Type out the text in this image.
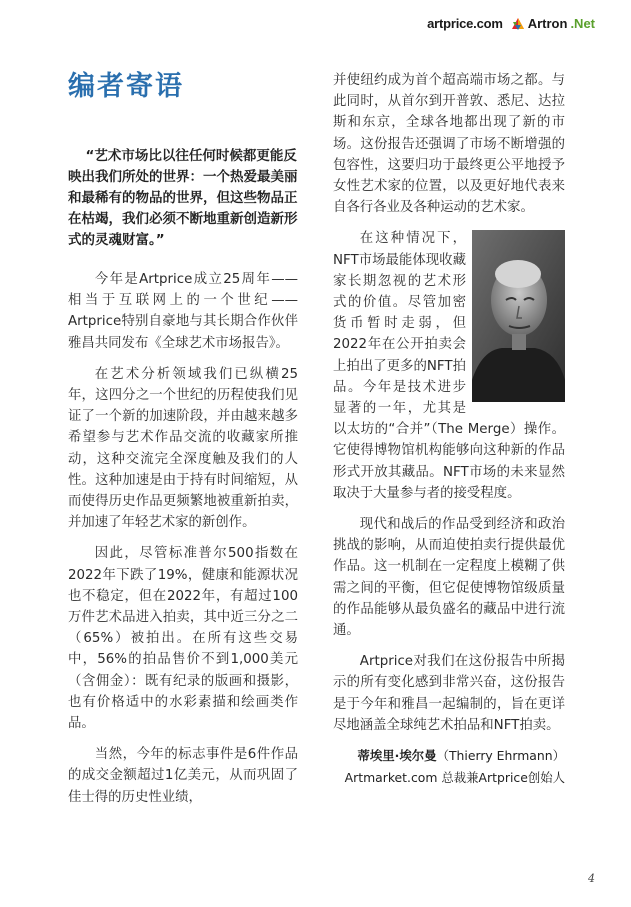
artprice.com Artron .Net
编者寄语

“艺术市场比以往任何时候都更能反映出我们所处的世界：一个热爱最美丽和最稀有的物品的世界，但这些物品正在枯竭，我们必须不断地重新创造新形式的灵魂财富。”

今年是Artprice成立25周年——相当于互联网上的一个世纪——Artprice特别自豪地与其长期合作伙伴雅昌共同发布《全球艺术市场报告》。

在艺术分析领域我们已纵横25年，这四分之一个世纪的历程使我们见证了一个新的加速阶段，并由越来越多希望参与艺术作品交流的收藏家所推动，这种交流完全深度触及我们的人性。这种加速是由于持有时间缩短，从而使得历史作品更频繁地被重新拍卖，并加速了年轻艺术家的新创作。

因此，尽管标准普尔500指数在2022年下跌了19%，健康和能源状况也不稳定，但在2022年，有超过100万件艺术品进入拍卖，其中近三分之二（65%）被拍出。在所有这些交易中，56%的拍品售价不到1,000美元（含佣金）：既有纪录的版画和摄影，也有价格适中的水彩素描和绘画类作品。

当然，今年的标志事件是6件作品的成交金额超过1亿美元，从而巩固了佳士得的历史性业绩，

并使纽约成为首个超高端市场之都。与此同时，从首尔到开普敦、悉尼、达拉斯和东京，全球各地都出现了新的市场。这份报告还强调了市场不断增强的包容性，这要归功于最终更公平地授予女性艺术家的位置，以及更好地代表来自各行各业及各种运动的艺术家。

在这种情况下，NFT市场最能体现收藏家长期忽视的艺术形式的价值。尽管加密货币暂时走弱，但2022年在公开拍卖会上拍出了更多的NFT拍品。今年是技术进步显著的一年，尤其是以太坊的“合并”（The Merge）操作。它使得博物馆机构能够向这种新的作品形式开放其藏品。NFT市场的未来显然取决于大量参与者的接受程度。

现代和战后的作品受到经济和政治挑战的影响，从而迫使拍卖行提供最优作品。这一机制在一定程度上模糊了供需之间的平衡，但它促使博物馆级质量的作品能够从最负盛名的藏品中进行流通。

Artprice对我们在这份报告中所揭示的所有变化感到非常兴奋，这份报告是于今年和雅昌一起编制的，旨在更详尽地涵盖全球纯艺术拍品和NFT拍卖。

蒂埃里·埃尔曼（Thierry Ehrmann）
Artmarket.com 总裁兼Artprice创始人
4
